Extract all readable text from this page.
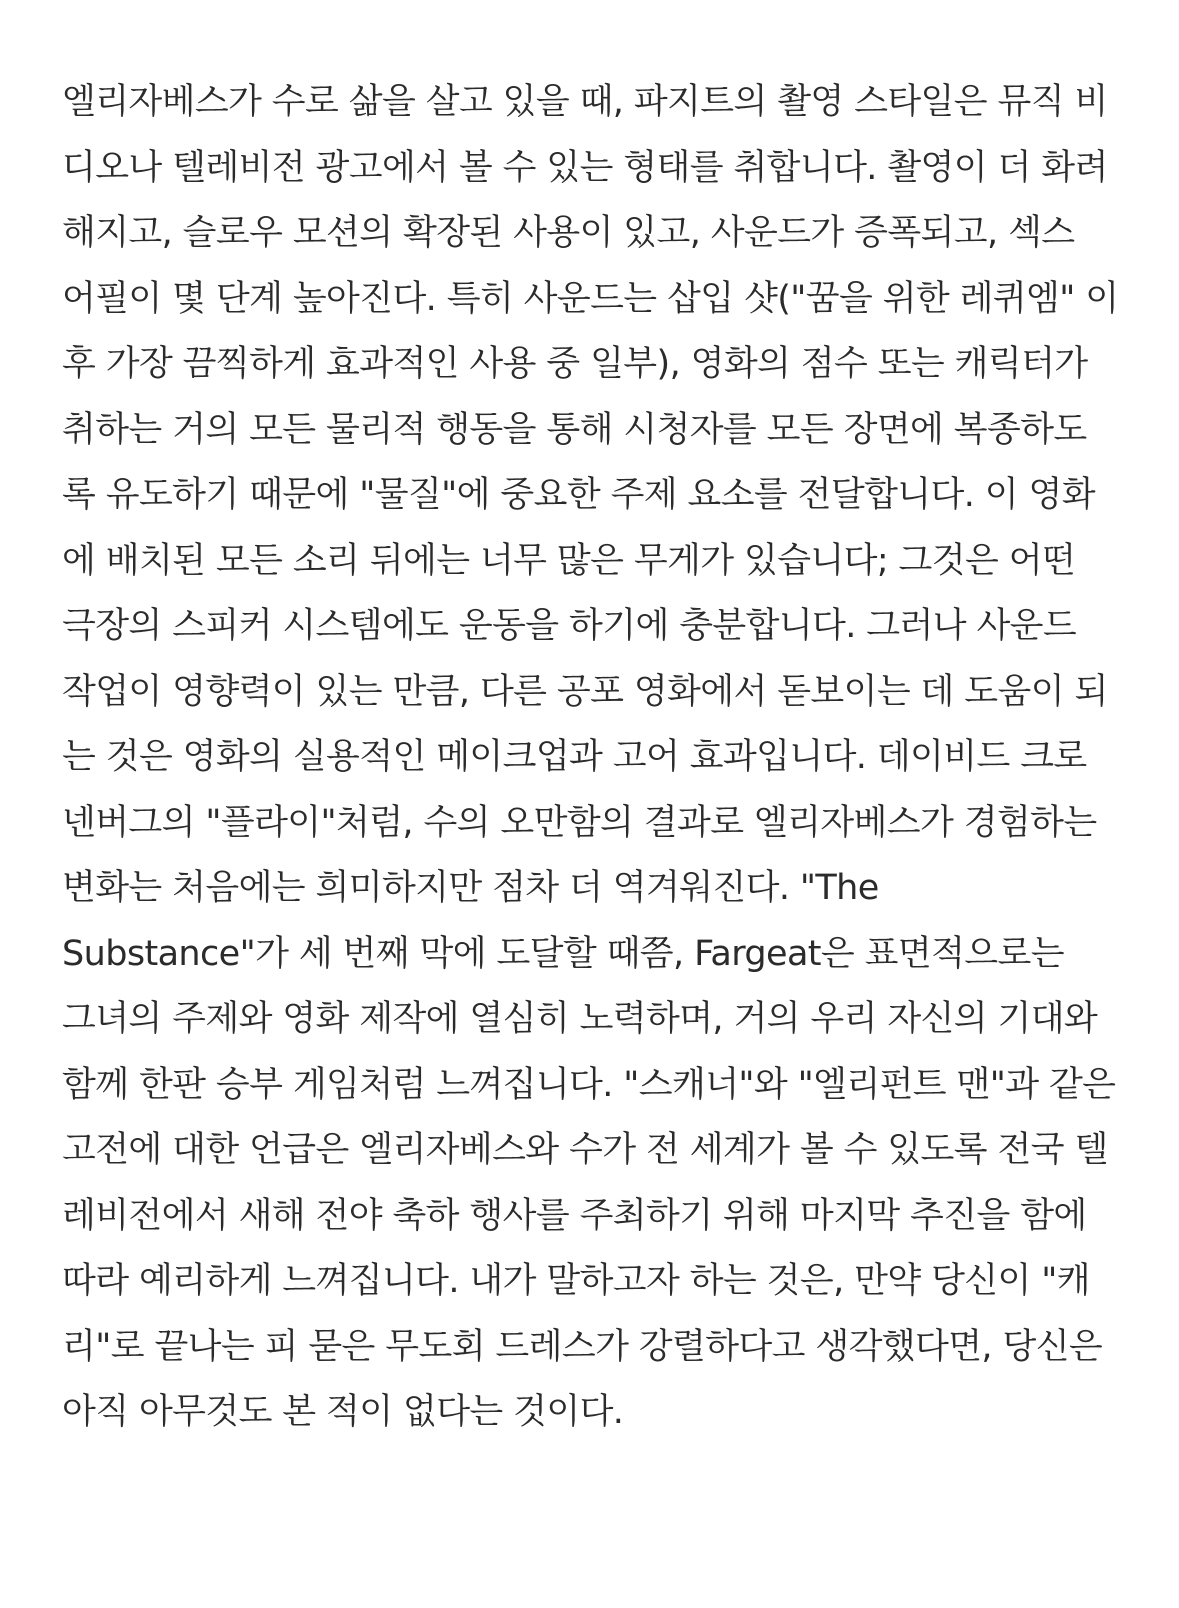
엘리자베스가 수로 삶을 살고 있을 때, 파지트의 촬영 스타일은 뮤직 비
디오나 텔레비전 광고에서 볼 수 있는 형태를 취합니다. 촬영이 더 화려
해지고, 슬로우 모션의 확장된 사용이 있고, 사운드가 증폭되고, 섹스
어필이 몇 단계 높아진다. 특히 사운드는 삽입 샷("꿈을 위한 레퀴엠" 이
후 가장 끔찍하게 효과적인 사용 중 일부), 영화의 점수 또는 캐릭터가
취하는 거의 모든 물리적 행동을 통해 시청자를 모든 장면에 복종하도
록 유도하기 때문에 "물질"에 중요한 주제 요소를 전달합니다. 이 영화
에 배치된 모든 소리 뒤에는 너무 많은 무게가 있습니다; 그것은 어떤
극장의 스피커 시스템에도 운동을 하기에 충분합니다. 그러나 사운드
작업이 영향력이 있는 만큼, 다른 공포 영화에서 돋보이는 데 도움이 되
는 것은 영화의 실용적인 메이크업과 고어 효과입니다. 데이비드 크로
넨버그의 "플라이"처럼, 수의 오만함의 결과로 엘리자베스가 경험하는
변화는 처음에는 희미하지만 점차 더 역겨워진다. "The
Substance"가 세 번째 막에 도달할 때쯤, Fargeat은 표면적으로는
그녀의 주제와 영화 제작에 열심히 노력하며, 거의 우리 자신의 기대와
함께 한판 승부 게임처럼 느껴집니다. "스캐너"와 "엘리펀트 맨"과 같은
고전에 대한 언급은 엘리자베스와 수가 전 세계가 볼 수 있도록 전국 텔
레비전에서 새해 전야 축하 행사를 주최하기 위해 마지막 추진을 함에
따라 예리하게 느껴집니다. 내가 말하고자 하는 것은, 만약 당신이 "캐
리"로 끝나는 피 묻은 무도회 드레스가 강렬하다고 생각했다면, 당신은
아직 아무것도 본 적이 없다는 것이다.
